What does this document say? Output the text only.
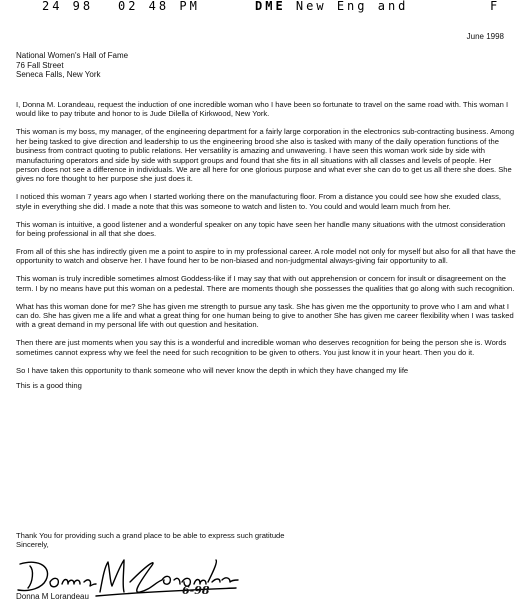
24 98 02 48 PM	DME New Eng and	F
June 1998
National Women's Hall of Fame
76 Fall Street
Seneca Falls, New York

I, Donna M. Lorandeau, request the induction of one incredible woman who I have been so fortunate to travel on the same road with. This woman I would like to pay tribute and honor to is Jude Dilella of Kirkwood, New York.

This woman is my boss, my manager, of the engineering department for a fairly large corporation in the electronics sub-contracting business. Among her being tasked to give direction and leadership to us the engineering brood she also is tasked with many of the daily operation functions of the business from contract quoting to public relations. Her versatility is amazing and unwavering. I have seen this woman work side by side with manufacturing operators and side by side with support groups and found that she fits in all situations with all classes and levels of people. Her person does not see a difference in individuals. We are all here for one glorious purpose and what ever she can do to get us all there she does. She gives no fore thought to her purpose she just does it.

I noticed this woman 7 years ago when I started working there on the manufacturing floor. From a distance you could see how she exuded class, style in everything she did. I made a note that this was someone to watch and listen to. You could and would learn much from her.

This woman is intuitive, a good listener and a wonderful speaker on any topic have seen her handle many situations with the utmost consideration for being professional in all that she does.

From all of this she has indirectly given me a point to aspire to in my professional career. A role model not only for myself but also for all that have the opportunity to watch and observe her. I have found her to be non-biased and non-judgmental always-giving fair opportunity to all.

This woman is truly incredible sometimes almost Goddess-like if I may say that with out apprehension or concern for insult or disagreement on the term. I by no means have put this woman on a pedestal. There are moments though she possesses the qualities that go along with such recognition.

What has this woman done for me? She has given me strength to pursue any task. She has given me the opportunity to prove who I am and what I can do. She has given me a life and what a great thing for one human being to give to another She has given me career flexibility when I was tasked with a great demand in my personal life with out question and hesitation.

Then there are just moments when you say this is a wonderful and incredible woman who deserves recognition for being the person she is. Words sometimes cannot express why we feel the need for such recognition to be given to others. You just know it in your heart. Then you do it.

So I have taken this opportunity to thank someone who will never know the depth in which they have changed my life

This is a good thing

Thank You for providing such a grand place to be able to express such gratitude
Sincerely,
Donna M Lorandeau	6-98
